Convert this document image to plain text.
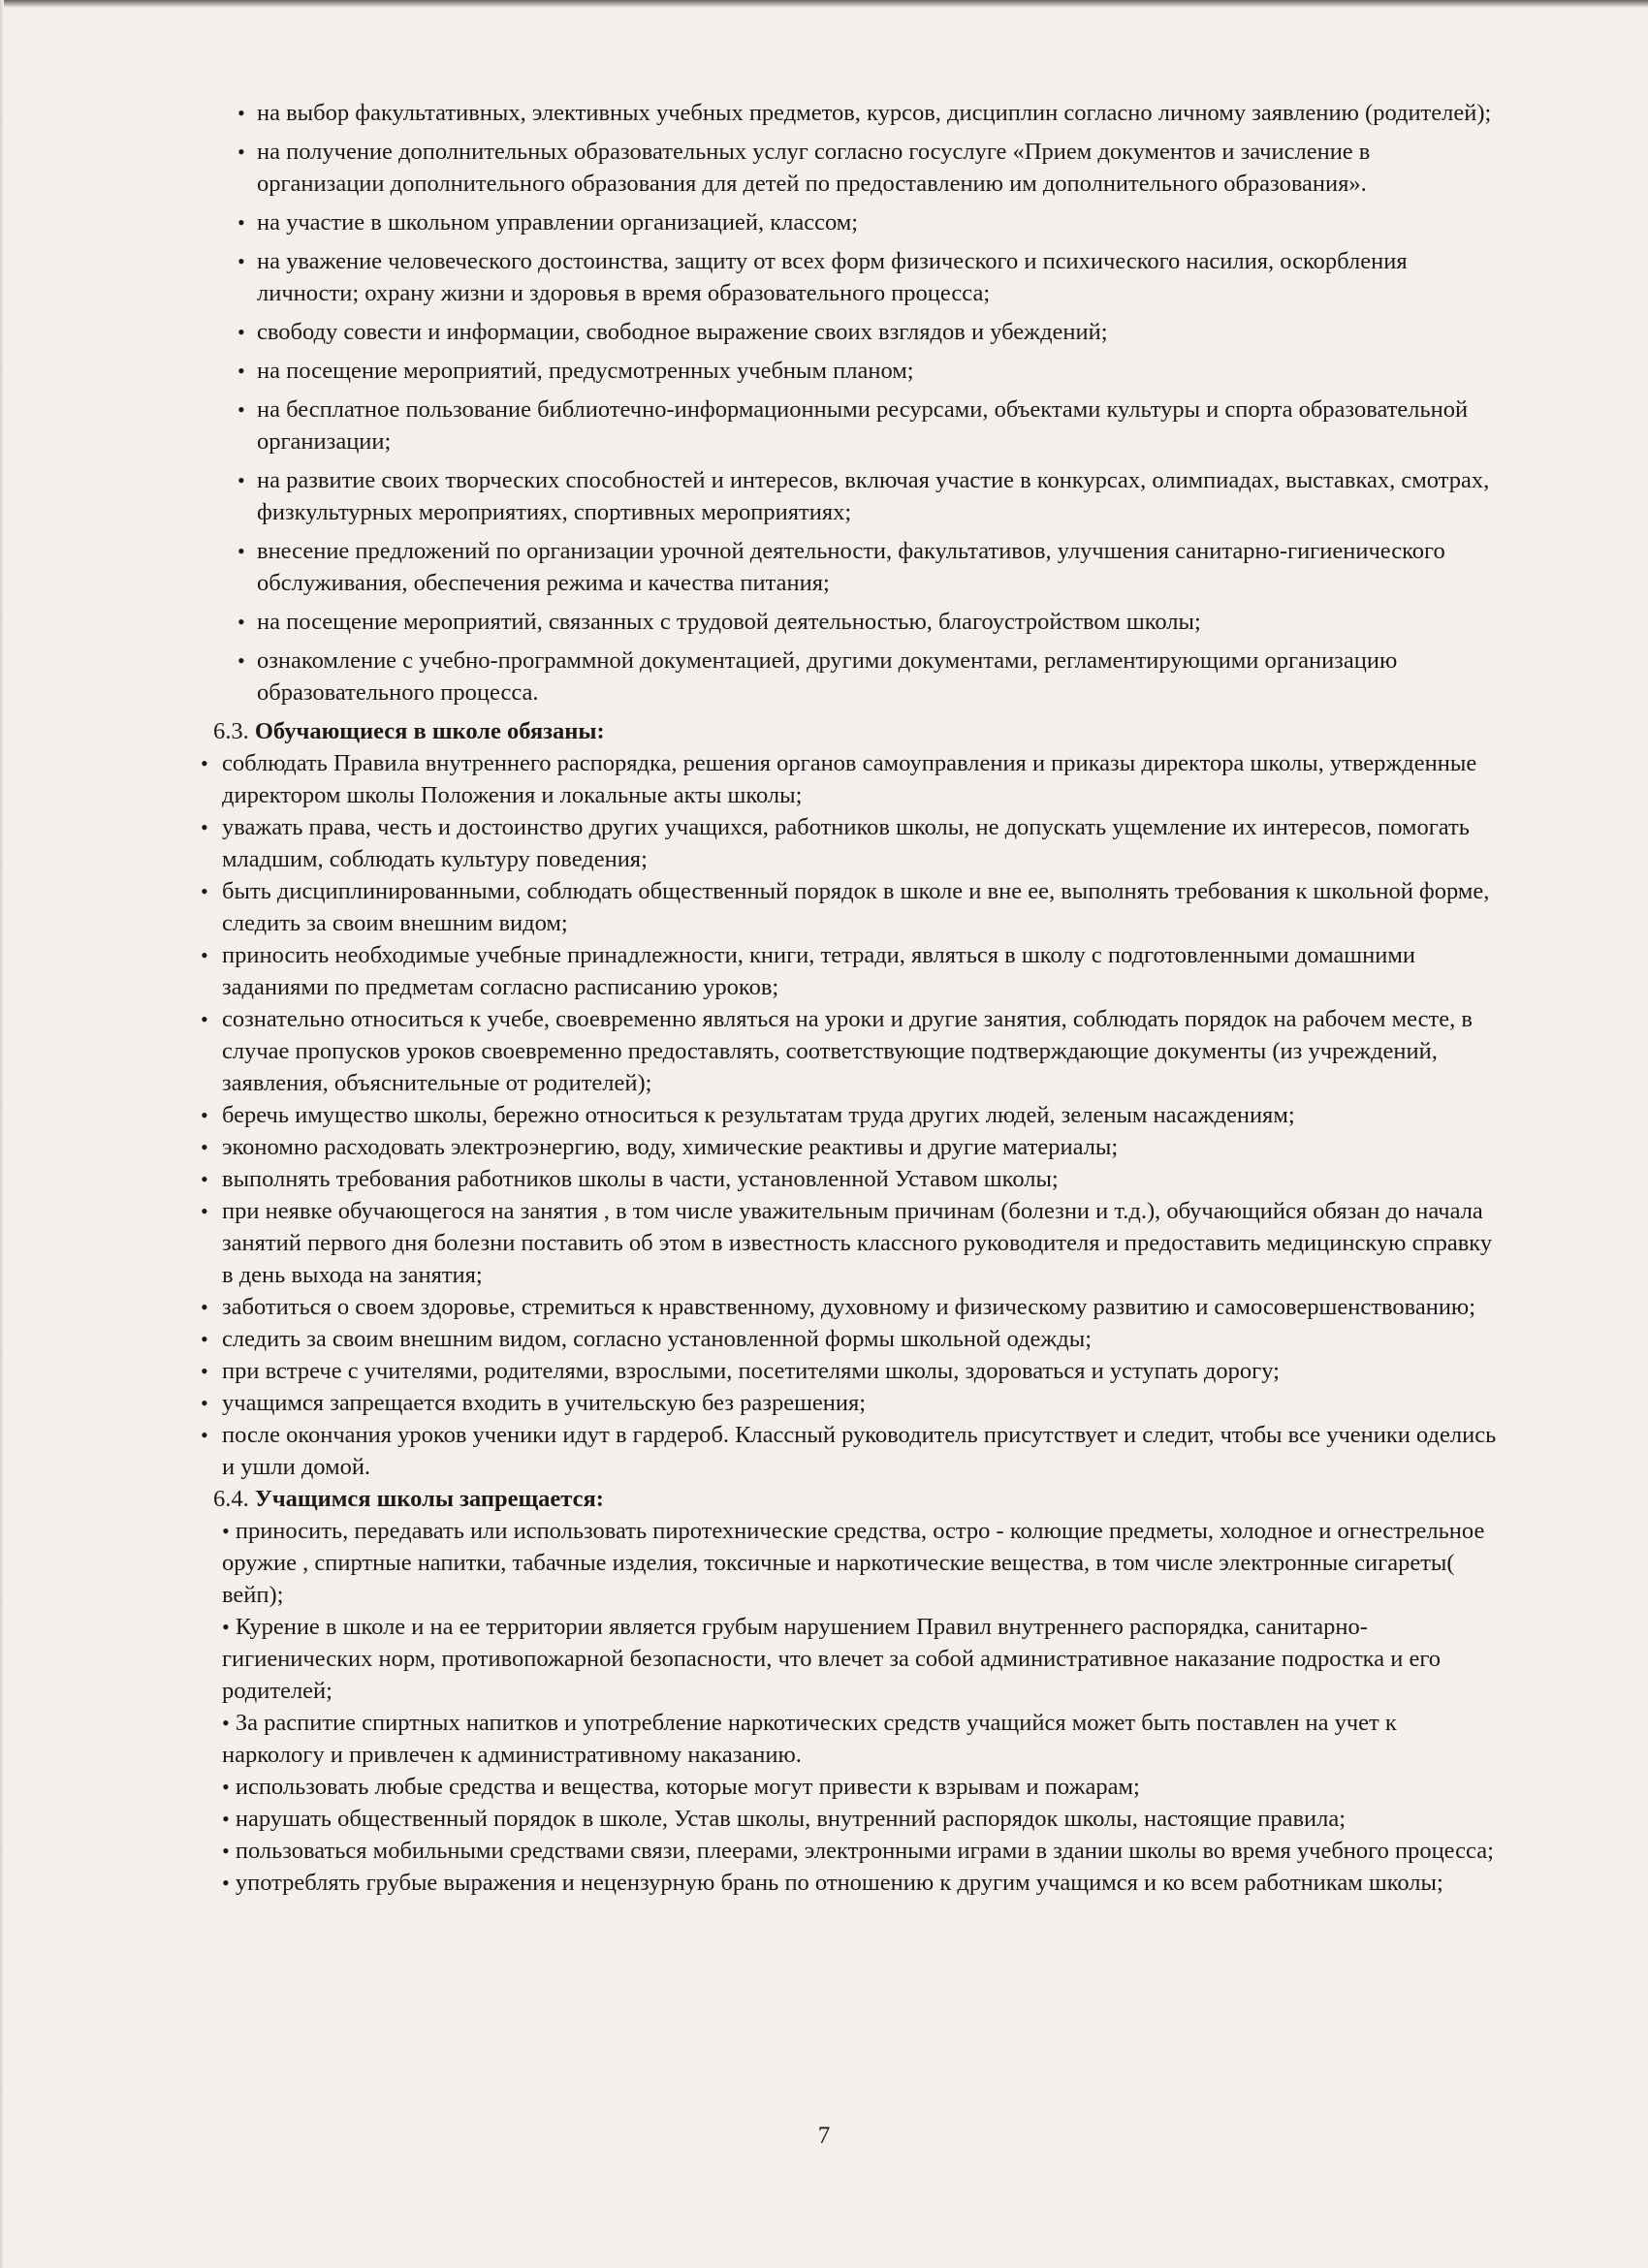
• на выбор факультативных, элективных учебных предметов, курсов, дисциплин согласно личному заявлению (родителей);
• на получение дополнительных образовательных услуг согласно госуслуге «Прием документов и зачисление в организации дополнительного образования для детей по предоставлению им дополнительного образования».
• на участие в школьном управлении организацией, классом;
• на уважение человеческого достоинства, защиту от всех форм физического и психического насилия, оскорбления личности; охрану жизни и здоровья в время образовательного процесса;
• свободу совести и информации, свободное выражение своих взглядов и убеждений;
• на посещение мероприятий, предусмотренных учебным планом;
• на бесплатное пользование библиотечно-информационными ресурсами, объектами культуры и спорта образовательной организации;
• на развитие своих творческих способностей и интересов, включая участие в конкурсах, олимпиадах, выставках, смотрах, физкультурных мероприятиях, спортивных мероприятиях;
• внесение предложений по организации урочной деятельности, факультативов, улучшения санитарно-гигиенического обслуживания, обеспечения режима и качества питания;
• на посещение мероприятий, связанных с трудовой деятельностью, благоустройством школы;
• ознакомление с учебно-программной документацией, другими документами, регламентирующими организацию образовательного процесса.
6.3. Обучающиеся в школе обязаны:
• соблюдать Правила внутреннего распорядка, решения органов самоуправления и приказы директора школы, утвержденные директором школы Положения и локальные акты школы;
• уважать права, честь и достоинство других учащихся, работников школы, не допускать ущемление их интересов, помогать младшим, соблюдать культуру поведения;
• быть дисциплинированными, соблюдать общественный порядок в школе и вне ее, выполнять требования к школьной форме, следить за своим внешним видом;
• приносить необходимые учебные принадлежности, книги, тетради, являться в школу с подготовленными домашними заданиями по предметам согласно расписанию уроков;
• сознательно относиться к учебе, своевременно являться на уроки и другие занятия, соблюдать порядок на рабочем месте, в случае пропусков уроков своевременно предоставлять, соответствующие подтверждающие документы (из учреждений, заявления, объяснительные от родителей);
• беречь имущество школы, бережно относиться к результатам труда других людей, зеленым насаждениям;
• экономно расходовать электроэнергию, воду, химические реактивы и другие материалы;
• выполнять требования работников школы в части, установленной Уставом школы;
• при неявке обучающегося на занятия , в том числе уважительным причинам (болезни и т.д.), обучающийся обязан до начала занятий первого дня болезни поставить об этом в известность классного руководителя и предоставить медицинскую справку в день выхода на занятия;
• заботиться о своем здоровье, стремиться к нравственному, духовному и физическому развитию и самосовершенствованию;
• следить за своим внешним видом, согласно установленной формы школьной одежды;
• при встрече с учителями, родителями, взрослыми, посетителями школы, здороваться и уступать дорогу;
• учащимся запрещается входить в учительскую без разрешения;
• после окончания уроков ученики идут в гардероб. Классный руководитель присутствует и следит, чтобы все ученики оделись и ушли домой.
6.4. Учащимся школы запрещается:
• приносить, передавать или использовать пиротехнические средства, остро - колющие предметы, холодное и огнестрельное оружие , спиртные напитки, табачные изделия, токсичные и наркотические вещества, в том числе электронные сигареты( вейп);
• Курение в школе и на ее территории является грубым нарушением Правил внутреннего распорядка, санитарно-гигиенических норм, противопожарной безопасности, что влечет за собой административное наказание подростка и его родителей;
• За распитие спиртных напитков и употребление наркотических средств учащийся может быть поставлен на учет к наркологу и привлечен к административному наказанию.
• использовать любые средства и вещества, которые могут привести к взрывам и пожарам;
• нарушать общественный порядок в школе, Устав школы, внутренний распорядок школы, настоящие правила;
• пользоваться мобильными средствами связи, плеерами, электронными играми в здании школы во время учебного процесса;
• употреблять грубые выражения и нецензурную брань по отношению к другим учащимся и ко всем работникам школы;
7
